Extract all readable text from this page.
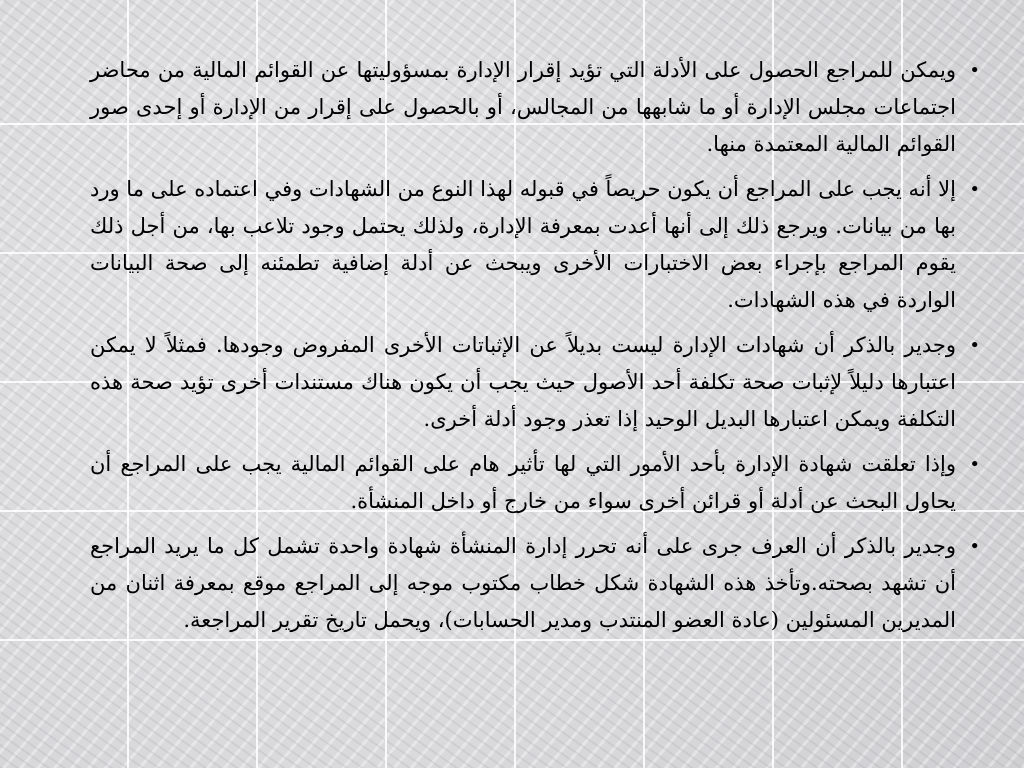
•
ويمكن للمراجع الحصول على الأدلة التي تؤيد إقرار الإدارة بمسؤوليتها عن القوائم المالية من محاضر اجتماعات مجلس الإدارة أو ما شابهها من المجالس، أو بالحصول على إقرار من الإدارة أو إحدى صور القوائم المالية المعتمدة منها.
•
إلا أنه يجب على المراجع أن يكون حريصاً في قبوله لهذا النوع من الشهادات وفي اعتماده على ما ورد بها من بيانات. ويرجع ذلك إلى أنها أعدت بمعرفة الإدارة، ولذلك يحتمل وجود تلاعب بها، من أجل ذلك يقوم المراجع بإجراء بعض الاختبارات الأخرى ويبحث عن أدلة إضافية تطمئنه إلى صحة البيانات الواردة في هذه الشهادات.
•
وجدير بالذكر أن شهادات الإدارة ليست بديلاً عن الإثباتات الأخرى المفروض وجودها. فمثلاً لا يمكن اعتبارها دليلاً لإثبات صحة تكلفة أحد الأصول حيث يجب أن يكون هناك مستندات أخرى تؤيد صحة هذه التكلفة ويمكن اعتبارها البديل الوحيد إذا تعذر وجود أدلة أخرى.
•
وإذا تعلقت شهادة الإدارة بأحد الأمور التي لها تأثير هام على القوائم المالية يجب على المراجع أن يحاول البحث عن أدلة أو قرائن أخرى سواء من خارج أو داخل المنشأة.
•
وجدير بالذكر أن العرف جرى على أنه تحرر إدارة المنشأة شهادة واحدة تشمل كل ما يريد المراجع أن تشهد بصحته.وتأخذ هذه الشهادة شكل خطاب مكتوب موجه إلى المراجع موقع بمعرفة اثنان من المديرين المسئولين (عادة العضو المنتدب ومدير الحسابات)، ويحمل تاريخ تقرير المراجعة.
